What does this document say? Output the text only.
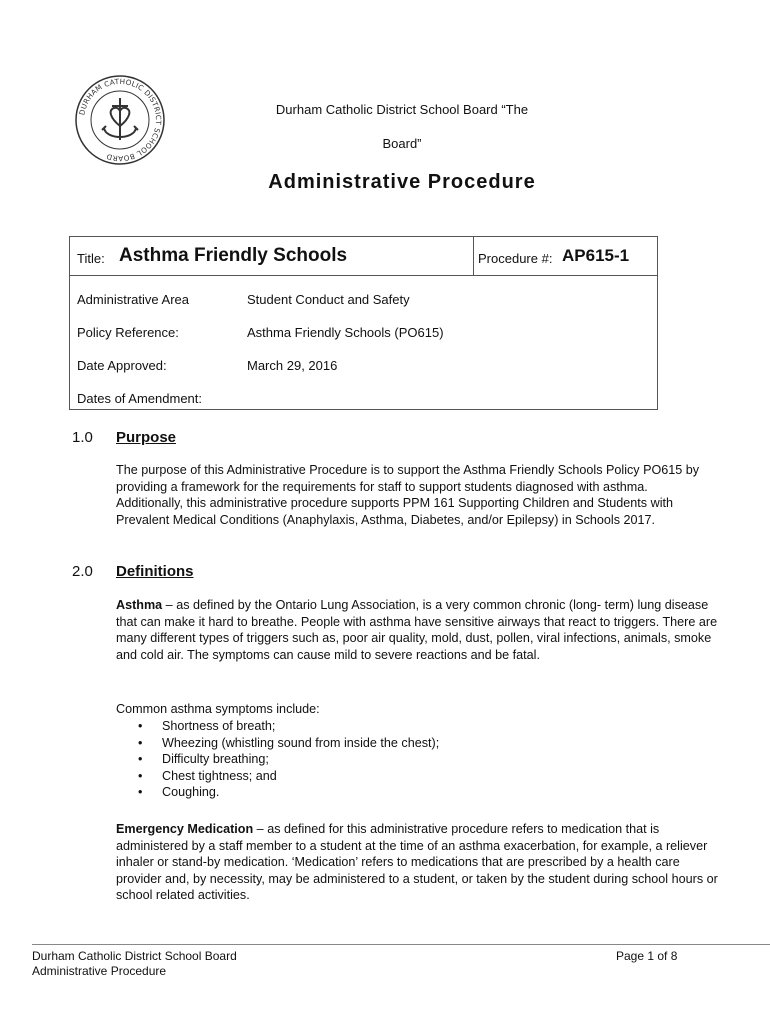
DURHAM CATHOLIC DISTRICT SCHOOL BOARD
Durham Catholic District School Board “The
Board”
Administrative Procedure
Title: Asthma Friendly Schools	Procedure #: AP615-1
Administrative Area	Student Conduct and Safety
Policy Reference:	Asthma Friendly Schools (PO615)
Date Approved:	March 29, 2016
Dates of Amendment:
1.0 Purpose
The purpose of this Administrative Procedure is to support the Asthma Friendly Schools Policy PO615 by providing a framework for the requirements for staff to support students diagnosed with asthma. Additionally, this administrative procedure supports PPM 161 Supporting Children and Students with Prevalent Medical Conditions (Anaphylaxis, Asthma, Diabetes, and/or Epilepsy) in Schools 2017.
2.0 Definitions
Asthma – as defined by the Ontario Lung Association, is a very common chronic (long- term) lung disease that can make it hard to breathe. People with asthma have sensitive airways that react to triggers. There are many different types of triggers such as, poor air quality, mold, dust, pollen, viral infections, animals, smoke and cold air. The symptoms can cause mild to severe reactions and be fatal.
Common asthma symptoms include:
• Shortness of breath;
• Wheezing (whistling sound from inside the chest);
• Difficulty breathing;
• Chest tightness; and
• Coughing.
Emergency Medication – as defined for this administrative procedure refers to medication that is administered by a staff member to a student at the time of an asthma exacerbation, for example, a reliever inhaler or stand-by medication. ‘Medication’ refers to medications that are prescribed by a health care provider and, by necessity, may be administered to a student, or taken by the student during school hours or school related activities.
Durham Catholic District School Board
Administrative Procedure
Page 1 of 8
